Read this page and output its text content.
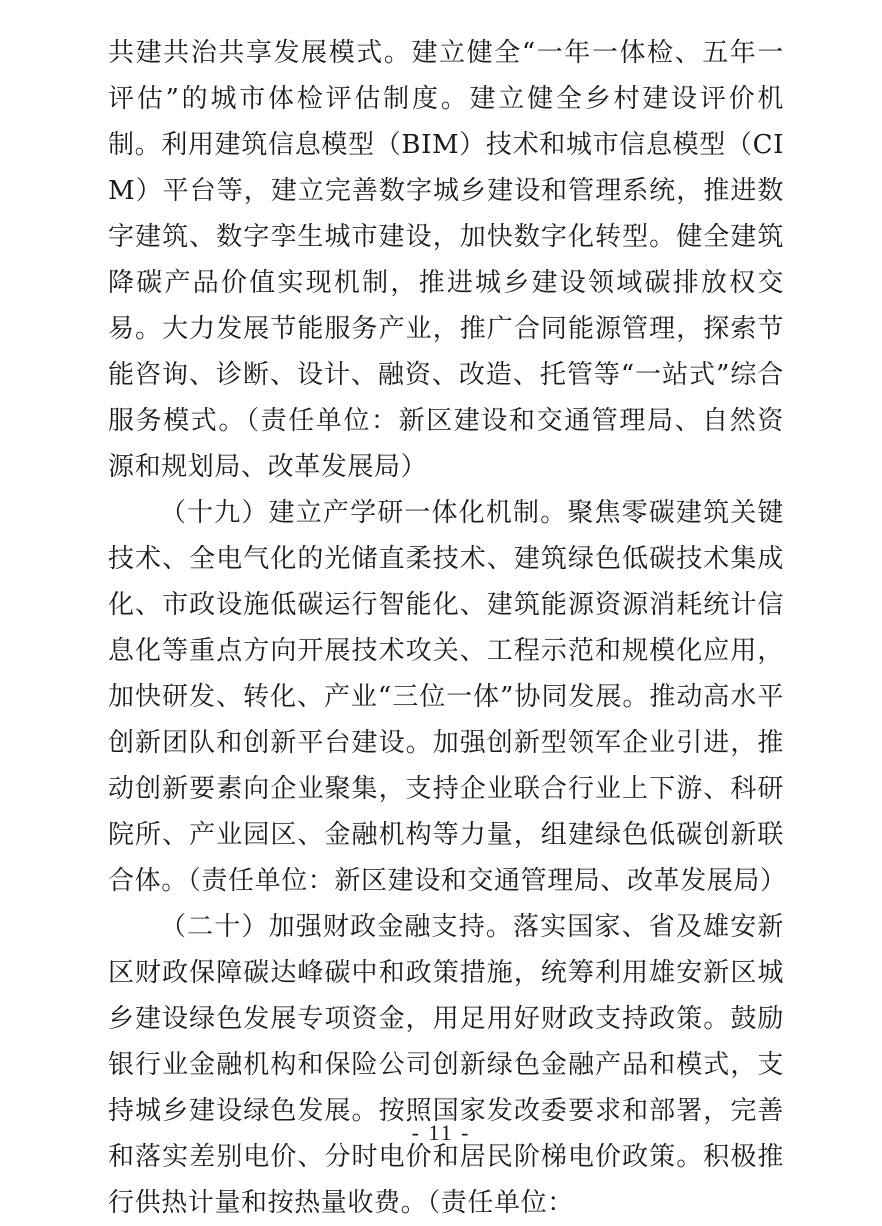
共建共治共享发展模式。建立健全“一年一体检、五年一评估”的城市体检评估制度。建立健全乡村建设评价机制。利用建筑信息模型（BIM）技术和城市信息模型（CIM）平台等，建立完善数字城乡建设和管理系统，推进数字建筑、数字孪生城市建设，加快数字化转型。健全建筑降碳产品价值实现机制，推进城乡建设领域碳排放权交易。大力发展节能服务产业，推广合同能源管理，探索节能咨询、诊断、设计、融资、改造、托管等“一站式”综合服务模式。（责任单位：新区建设和交通管理局、自然资源和规划局、改革发展局）

（十九）建立产学研一体化机制。聚焦零碳建筑关键技术、全电气化的光储直柔技术、建筑绿色低碳技术集成化、市政设施低碳运行智能化、建筑能源资源消耗统计信息化等重点方向开展技术攻关、工程示范和规模化应用，加快研发、转化、产业“三位一体”协同发展。推动高水平创新团队和创新平台建设。加强创新型领军企业引进，推动创新要素向企业聚集，支持企业联合行业上下游、科研院所、产业园区、金融机构等力量，组建绿色低碳创新联合体。（责任单位：新区建设和交通管理局、改革发展局）

（二十）加强财政金融支持。落实国家、省及雄安新区财政保障碳达峰碳中和政策措施，统筹利用雄安新区城乡建设绿色发展专项资金，用足用好财政支持政策。鼓励银行业金融机构和保险公司创新绿色金融产品和模式，支持城乡建设绿色发展。按照国家发改委要求和部署，完善和落实差别电价、分时电价和居民阶梯电价政策。积极推行供热计量和按热量收费。（责任单位：

- 11 -
